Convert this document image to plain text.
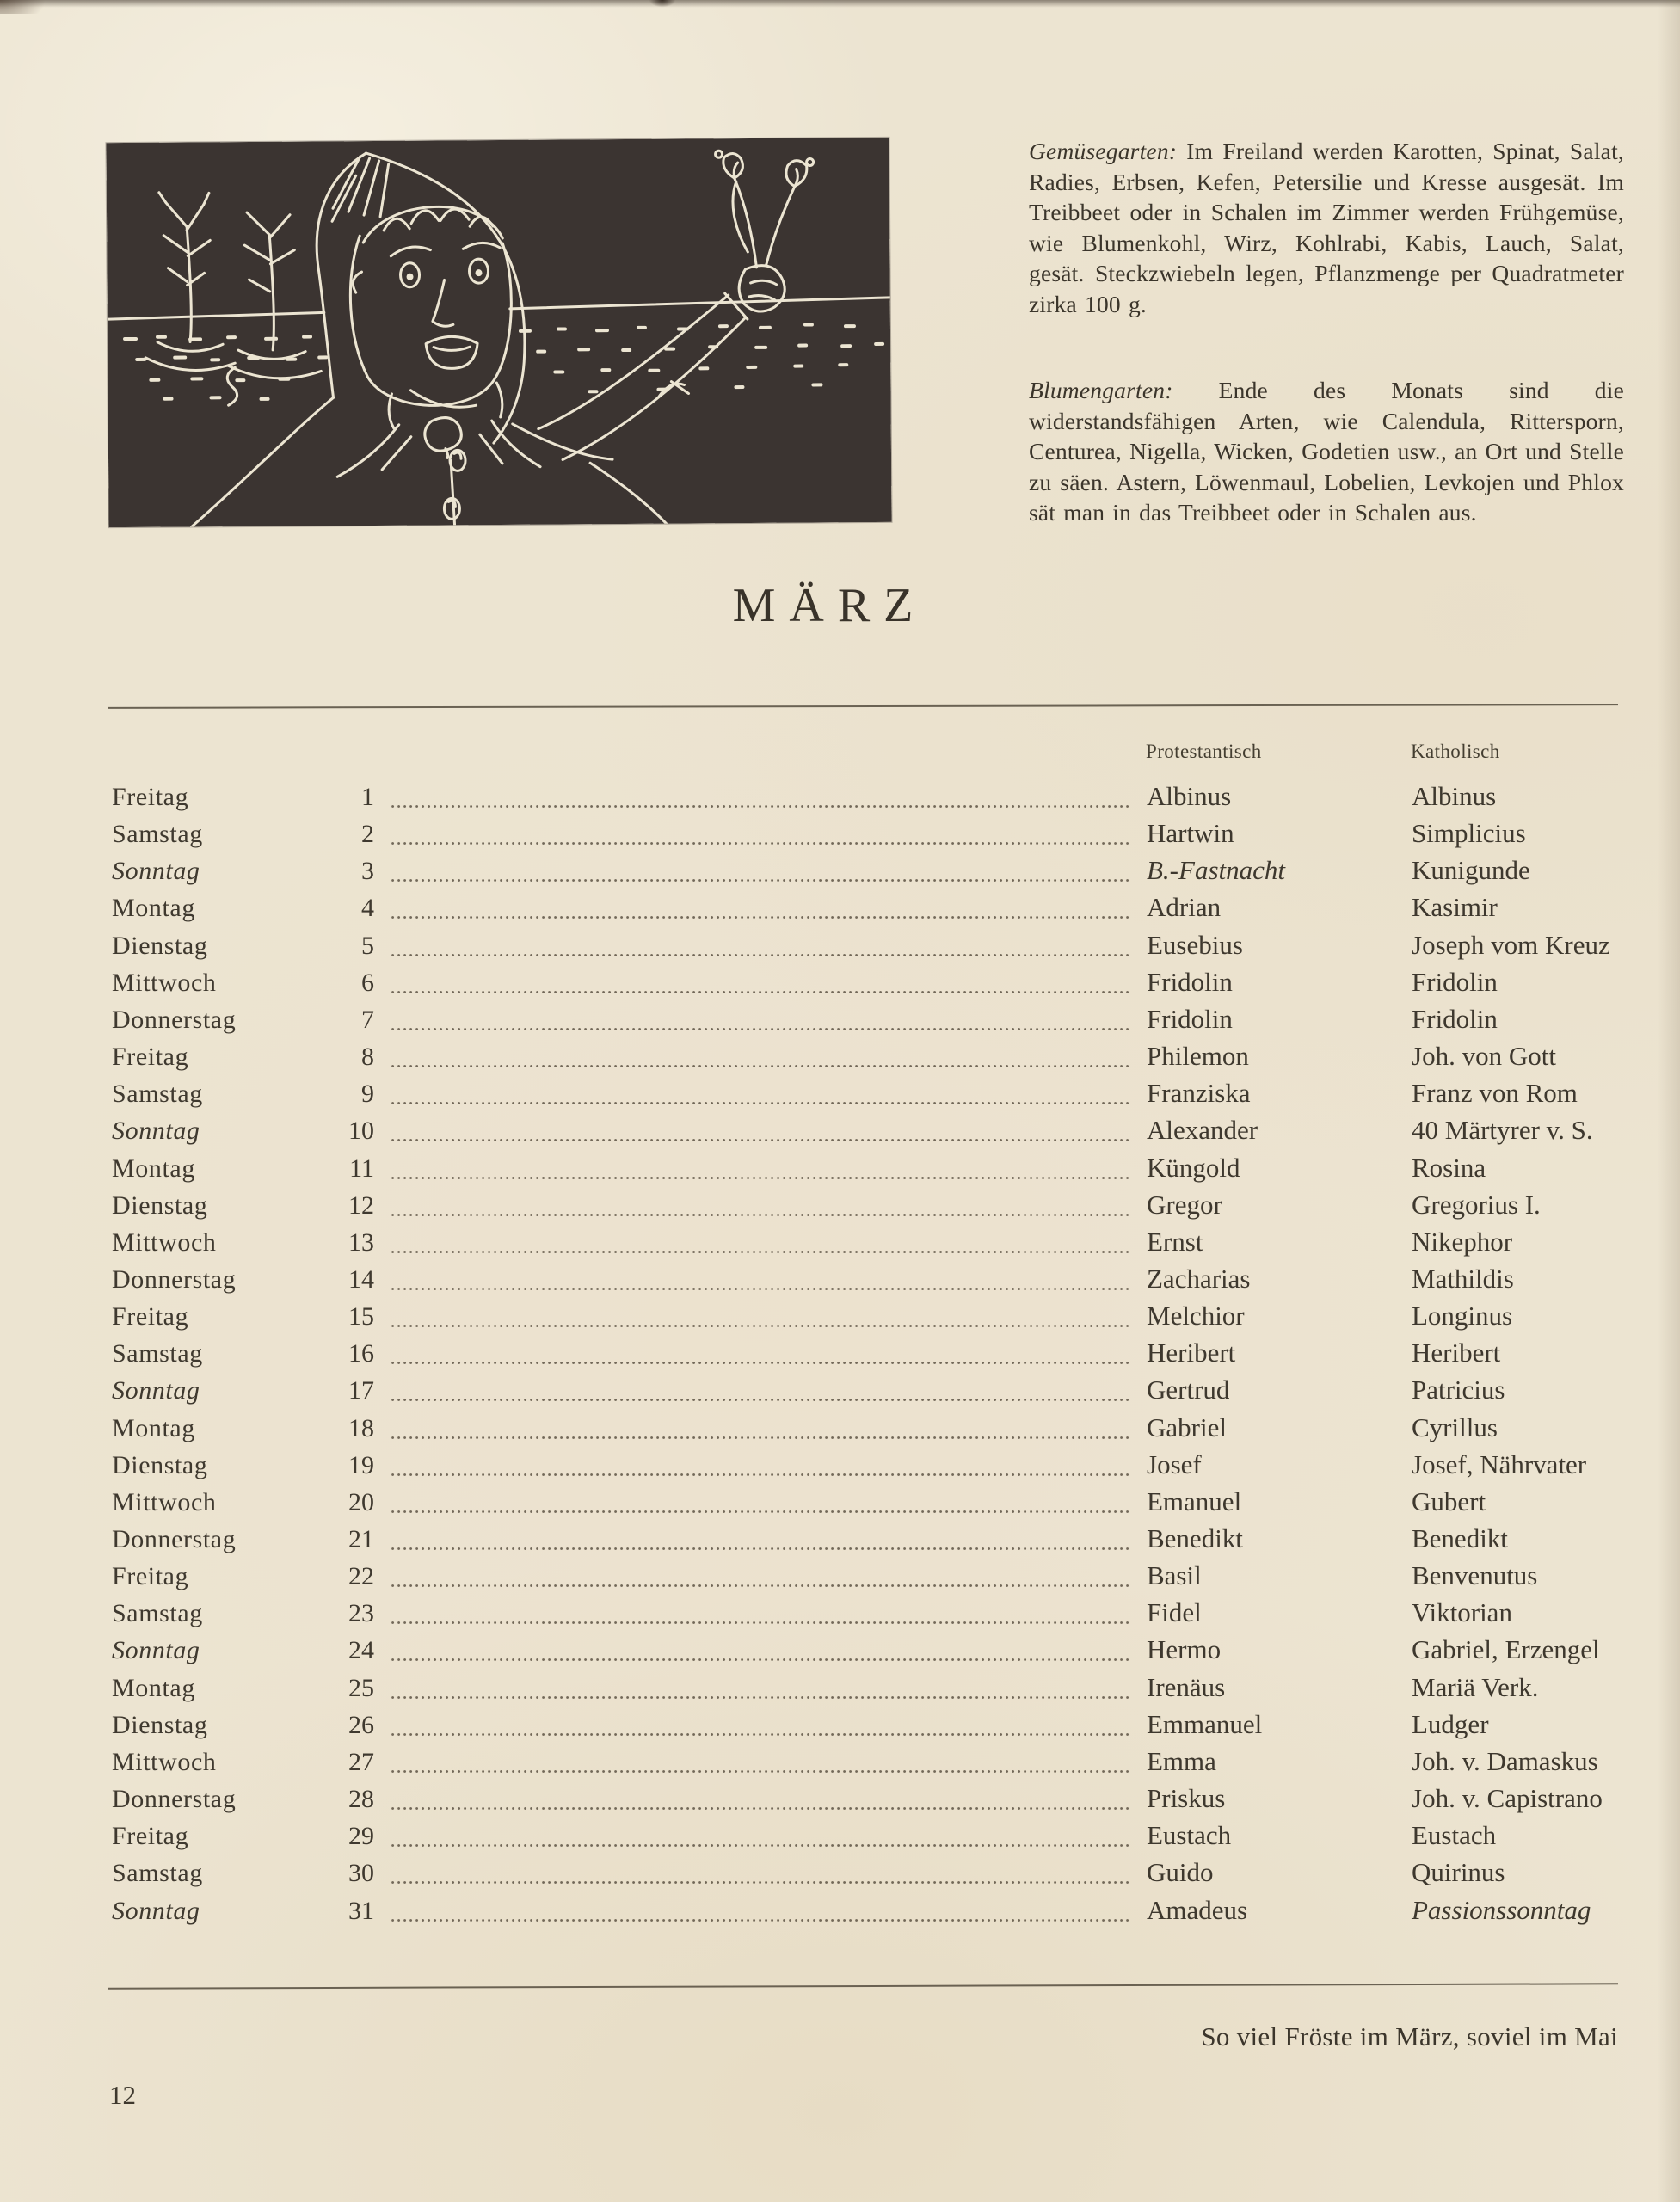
Gemüsegarten: Im Freiland werden Karotten, Spinat, Salat, Radies, Erbsen, Kefen, Petersilie und Kresse ausgesät. Im Treibbeet oder in Schalen im Zimmer werden Frühgemüse, wie Blumenkohl, Wirz, Kohlrabi, Kabis, Lauch, Salat, gesät. Steckzwiebeln legen, Pflanzmenge per Quadratmeter zirka 100 g.

Blumengarten: Ende des Monats sind die widerstandsfähigen Arten, wie Calendula, Rittersporn, Centurea, Nigella, Wicken, Godetien usw., an Ort und Stelle zu säen. Astern, Löwenmaul, Lobelien, Levkojen und Phlox sät man in das Treibbeet oder in Schalen aus.

MÄRZ
Protestantisch	Katholisch
Freitag	1	Albinus	Albinus
Samstag	2	Hartwin	Simplicius
Sonntag	3	B.-Fastnacht	Kunigunde
Montag	4	Adrian	Kasimir
Dienstag	5	Eusebius	Joseph vom Kreuz
Mittwoch	6	Fridolin	Fridolin
Donnerstag	7	Fridolin	Fridolin
Freitag	8	Philemon	Joh. von Gott
Samstag	9	Franziska	Franz von Rom
Sonntag	10	Alexander	40 Märtyrer v. S.
Montag	11	Küngold	Rosina
Dienstag	12	Gregor	Gregorius I.
Mittwoch	13	Ernst	Nikephor
Donnerstag	14	Zacharias	Mathildis
Freitag	15	Melchior	Longinus
Samstag	16	Heribert	Heribert
Sonntag	17	Gertrud	Patricius
Montag	18	Gabriel	Cyrillus
Dienstag	19	Josef	Josef, Nährvater
Mittwoch	20	Emanuel	Gubert
Donnerstag	21	Benedikt	Benedikt
Freitag	22	Basil	Benvenutus
Samstag	23	Fidel	Viktorian
Sonntag	24	Hermo	Gabriel, Erzengel
Montag	25	Irenäus	Mariä Verk.
Dienstag	26	Emmanuel	Ludger
Mittwoch	27	Emma	Joh. v. Damaskus
Donnerstag	28	Priskus	Joh. v. Capistrano
Freitag	29	Eustach	Eustach
Samstag	30	Guido	Quirinus
Sonntag	31	Amadeus	Passionssonntag
So viel Fröste im März, soviel im Mai
12
